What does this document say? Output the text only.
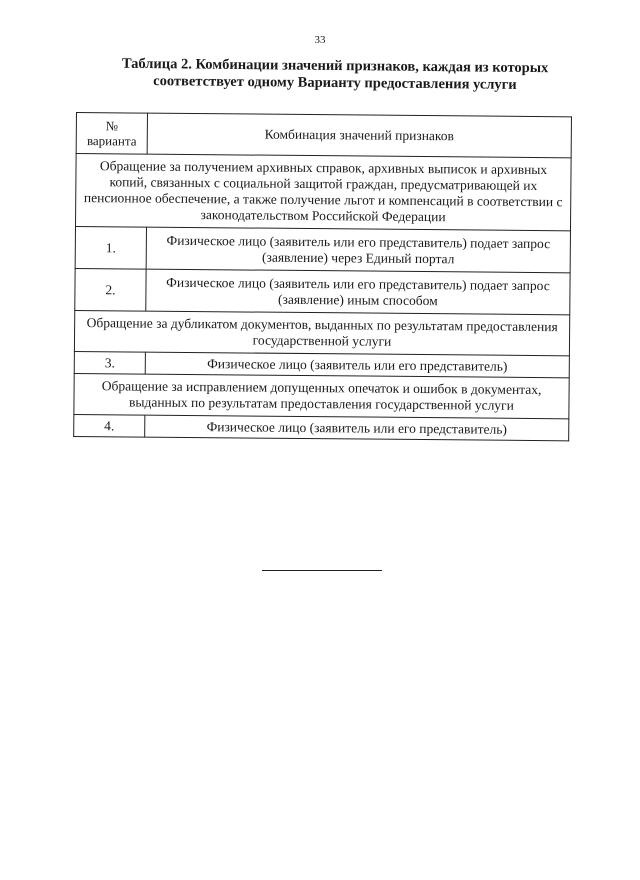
33
Таблица 2. Комбинации значений признаков, каждая из которых соответствует одному Варианту предоставления услуги
№ варианта	Комбинация значений признаков
Обращение за получением архивных справок, архивных выписок и архивных копий, связанных с социальной защитой граждан, предусматривающей их пенсионное обеспечение, а также получение льгот и компенсаций в соответствии с законодательством Российской Федерации	
1.	Физическое лицо (заявитель или его представитель) подает запрос (заявление) через Единый портал
2.	Физическое лицо (заявитель или его представитель) подает запрос (заявление) иным способом
Обращение за дубликатом документов, выданных по результатам предоставления государственной услуги	
3.	Физическое лицо (заявитель или его представитель)
Обращение за исправлением допущенных опечаток и ошибок в документах, выданных по результатам предоставления государственной услуги	
4.	Физическое лицо (заявитель или его представитель)
